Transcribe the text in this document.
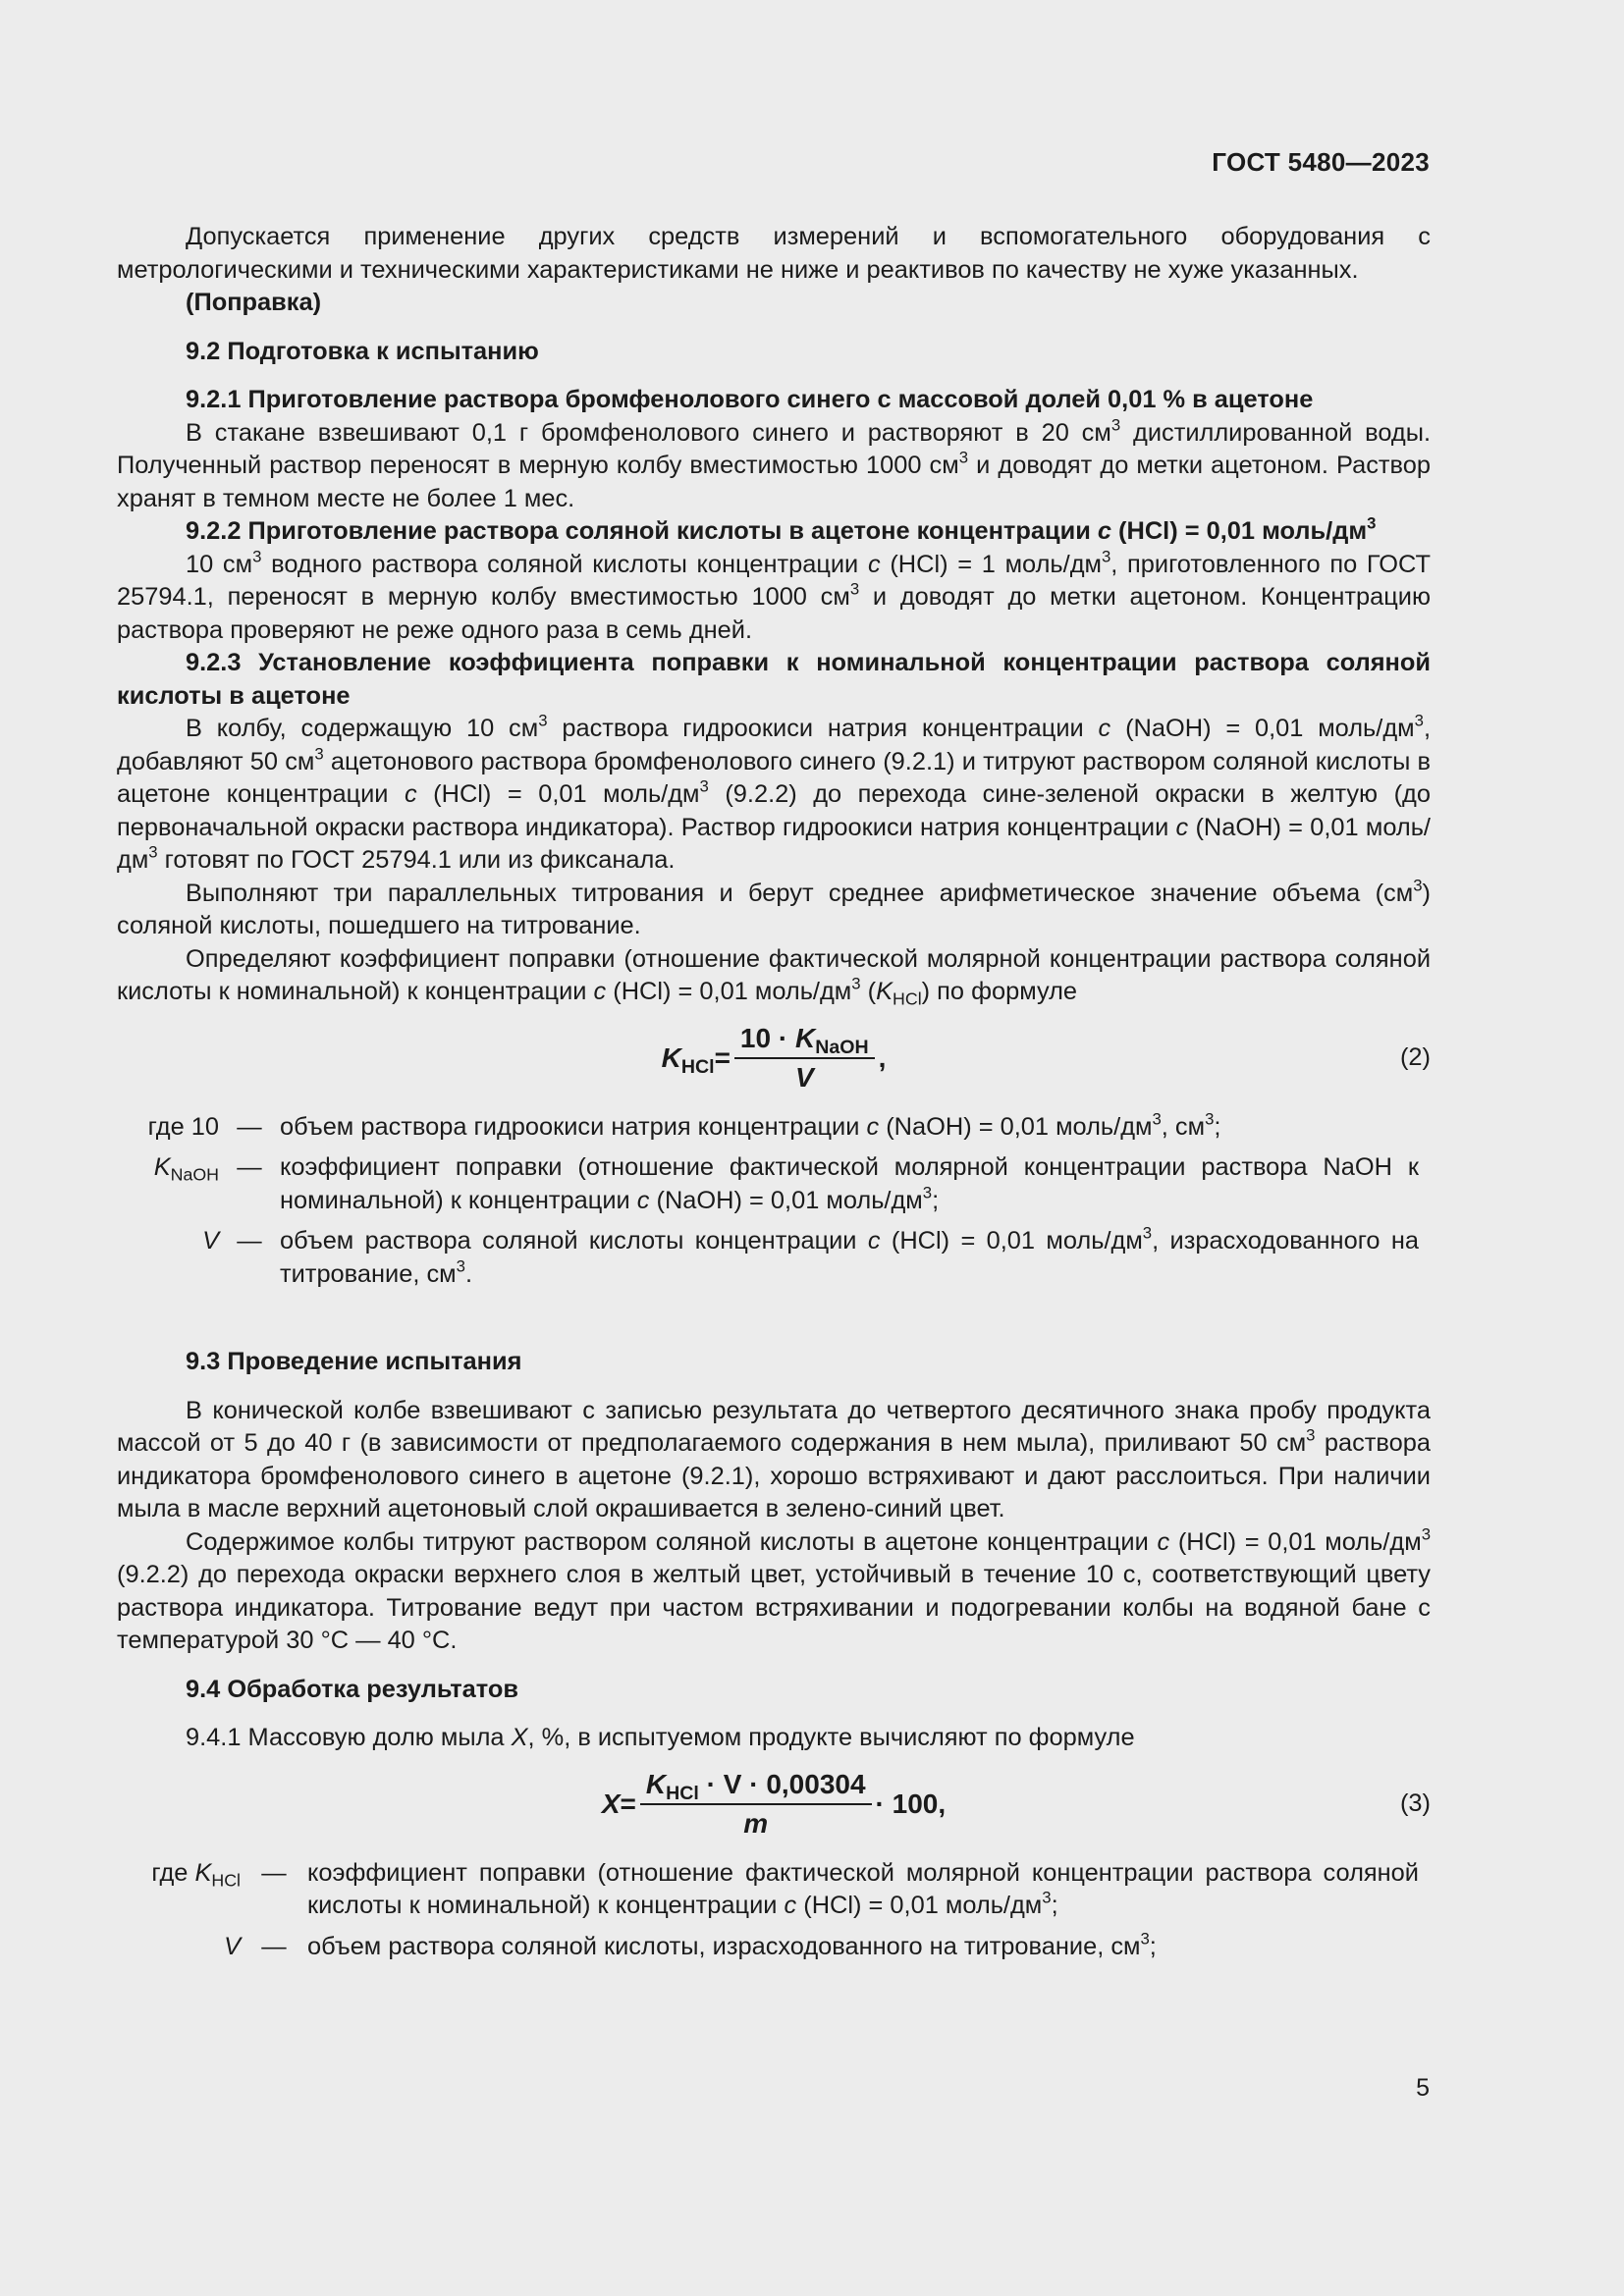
ГОСТ 5480—2023

Допускается применение других средств измерений и вспомогательного оборудования с метрологическими и техническими характеристиками не ниже и реактивов по качеству не хуже указанных.

(Поправка)

9.2 Подготовка к испытанию

9.2.1 Приготовление раствора бромфенолового синего с массовой долей 0,01 % в ацетоне

В стакане взвешивают 0,1 г бромфенолового синего и растворяют в 20 $см^3$ дистиллированной воды. Полученный раствор переносят в мерную колбу вместимостью 1000 $см^3$ и доводят до метки ацетоном. Раствор хранят в темном месте не более 1 мес.

9.2.2 Приготовление раствора соляной кислоты в ацетоне концентрации c (HCl) = 0,01 моль/$дм^3$

10 $см^3$ водного раствора соляной кислоты концентрации c (HCl) = 1 моль/$дм^3$, приготовленного по ГОСТ 25794.1, переносят в мерную колбу вместимостью 1000 $см^3$ и доводят до метки ацетоном. Концентрацию раствора проверяют не реже одного раза в семь дней.

9.2.3 Установление коэффициента поправки к номинальной концентрации раствора соляной кислоты в ацетоне

В колбу, содержащую 10 $см^3$ раствора гидроокиси натрия концентрации c (NaOH) = 0,01 моль/$дм^3$, добавляют 50 $см^3$ ацетонового раствора бромфенолового синего (9.2.1) и титруют раствором соляной кислоты в ацетоне концентрации c (HCl) = 0,01 моль/$дм^3$ (9.2.2) до перехода сине-зеленой окраски в желтую (до первоначальной окраски раствора индикатора). Раствор гидроокиси натрия концентрации c (NaOH) = 0,01 моль/$дм^3$ готовят по ГОСТ 25794.1 или из фиксанала.

Выполняют три параллельных титрования и берут среднее арифметическое значение объема $(см^3)$ соляной кислоты, пошедшего на титрование.

Определяют коэффициент поправки (отношение фактической молярной концентрации раствора соляной кислоты к номинальной) к концентрации c (HCl) = 0,01 моль/$дм^3$ $(K_{HCl})$ по формуле

$K_{HCl} = \frac{10 \cdot K_{NaOH}}{V}$ ,	(2)
где 10 — объем раствора гидроокиси натрия концентрации c (NaOH) = 0,01 моль/$дм^3$, $см^3$;
$K_{NaOH}$ — коэффициент поправки (отношение фактической молярной концентрации раствора NaOH к номинальной) к концентрации c (NaOH) = 0,01 моль/$дм^3$;
V — объем раствора соляной кислоты концентрации c (HCl) = 0,01 моль/$дм^3$, израсходованного на титрование, $см^3$.

9.3 Проведение испытания

В конической колбе взвешивают с записью результата до четвертого десятичного знака пробу продукта массой от 5 до 40 г (в зависимости от предполагаемого содержания в нем мыла), приливают 50 $см^3$ раствора индикатора бромфенолового синего в ацетоне (9.2.1), хорошо встряхивают и дают расслоиться. При наличии мыла в масле верхний ацетоновый слой окрашивается в зелено-синий цвет.

Содержимое колбы титруют раствором соляной кислоты в ацетоне концентрации c (HCl) = 0,01 моль/$дм^3$ (9.2.2) до перехода окраски верхнего слоя в желтый цвет, устойчивый в течение 10 с, соответствующий цвету раствора индикатора. Титрование ведут при частом встряхивании и подогревании колбы на водяной бане с температурой 30 °С — 40 °С.

9.4 Обработка результатов

9.4.1 Массовую долю мыла X, %, в испытуемом продукте вычисляют по формуле

$X = \frac{K_{HCl} \cdot V \cdot 0,00304}{m} \cdot 100$,	(3)
где $K_{HCl}$ — коэффициент поправки (отношение фактической молярной концентрации раствора соляной кислоты к номинальной) к концентрации c (HCl) = 0,01 моль/$дм^3$;
V — объем раствора соляной кислоты, израсходованного на титрование, $см^3$;
5
